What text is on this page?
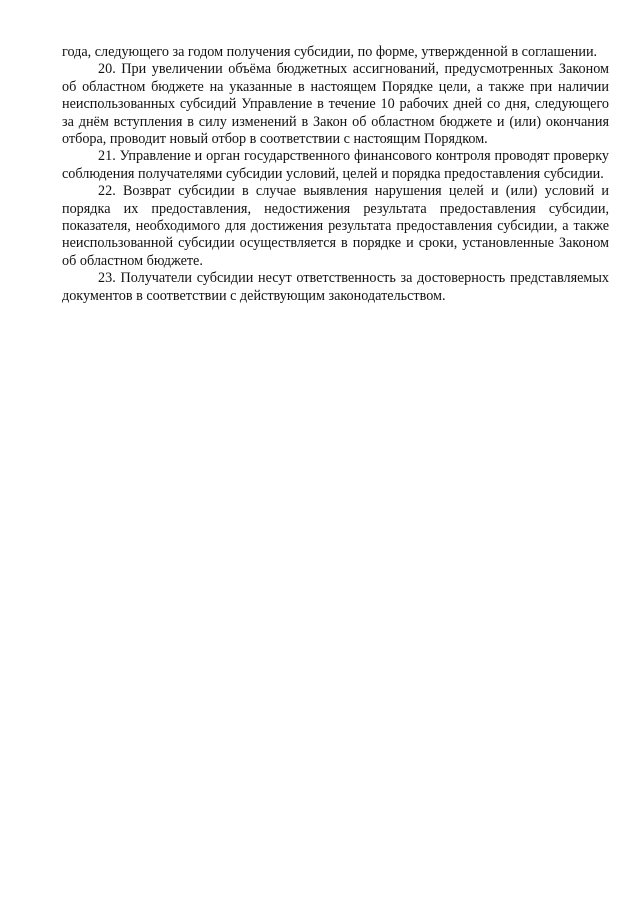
года, следующего за годом получения субсидии, по форме, утвержденной в соглашении.

20. При увеличении объёма бюджетных ассигнований, предусмотренных Законом об областном бюджете на указанные в настоящем Порядке цели, а также при наличии неиспользованных субсидий Управление в течение 10 рабочих дней со дня, следующего за днём вступления в силу изменений в Закон об областном бюджете и (или) окончания отбора, проводит новый отбор в соответствии с настоящим Порядком.

21. Управление и орган государственного финансового контроля проводят проверку соблюдения получателями субсидии условий, целей и порядка предоставления субсидии.

22. Возврат субсидии в случае выявления нарушения целей и (или) условий и порядка их предоставления, недостижения результата предоставления субсидии, показателя, необходимого для достижения результата предоставления субсидии, а также неиспользованной субсидии осуществляется в порядке и сроки, установленные Законом об областном бюджете.

23. Получатели субсидии несут ответственность за достоверность представляемых документов в соответствии с действующим законодательством.
